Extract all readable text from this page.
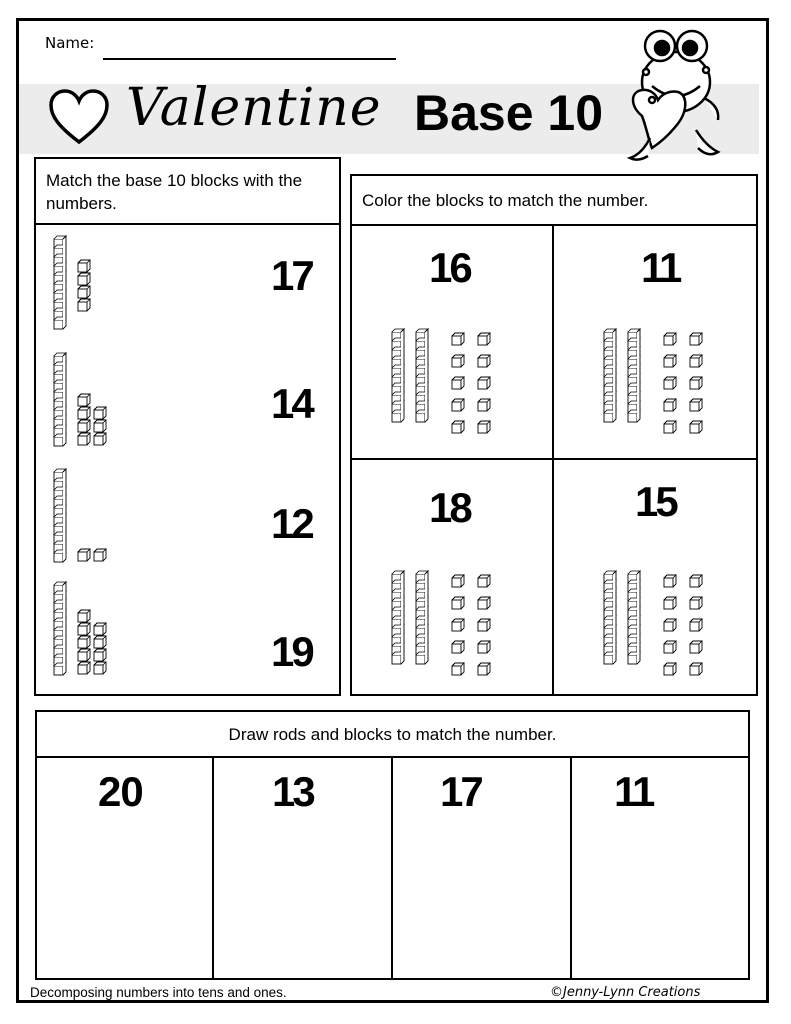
Name:
Valentine Base 10
Match the base 10 blocks with the numbers.
17
14
12
19
Color the blocks to match the number.
16	11
18	15
Draw rods and blocks to match the number.
20	13	17	11
Decomposing numbers into tens and ones.	©Jenny-Lynn Creations
